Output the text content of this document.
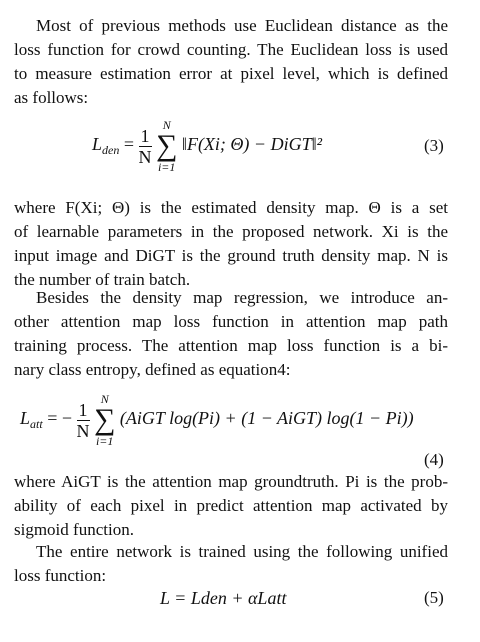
Most of previous methods use Euclidean distance as the
loss function for crowd counting. The Euclidean loss is used
to measure estimation error at pixel level, which is defined
as follows:

$L_{den} = \frac{1}{N}$

N
∑
i=1
‖F(Xi; Θ) − DiGT‖²	(3)

where F(Xi; Θ) is the estimated density map. Θ is a set
of learnable parameters in the proposed network. Xi is the
input image and DiGT is the ground truth density map. N is
the number of train batch.

Besides the density map regression, we introduce an-
other attention map loss function in attention map path
training process. The attention map loss function is a bi-
nary class entropy, defined as equation4:

$L_{att}$ = − $\frac{1}{N}$

N
∑
i=1
(AiGT log(Pi) + (1 − AiGT) log(1 − Pi))
(4)

where AiGT is the attention map groundtruth. Pi is the prob-
ability of each pixel in predict attention map activated by
sigmoid function.

The entire network is trained using the following unified
loss function:

L = Lden + αLatt	(5)
